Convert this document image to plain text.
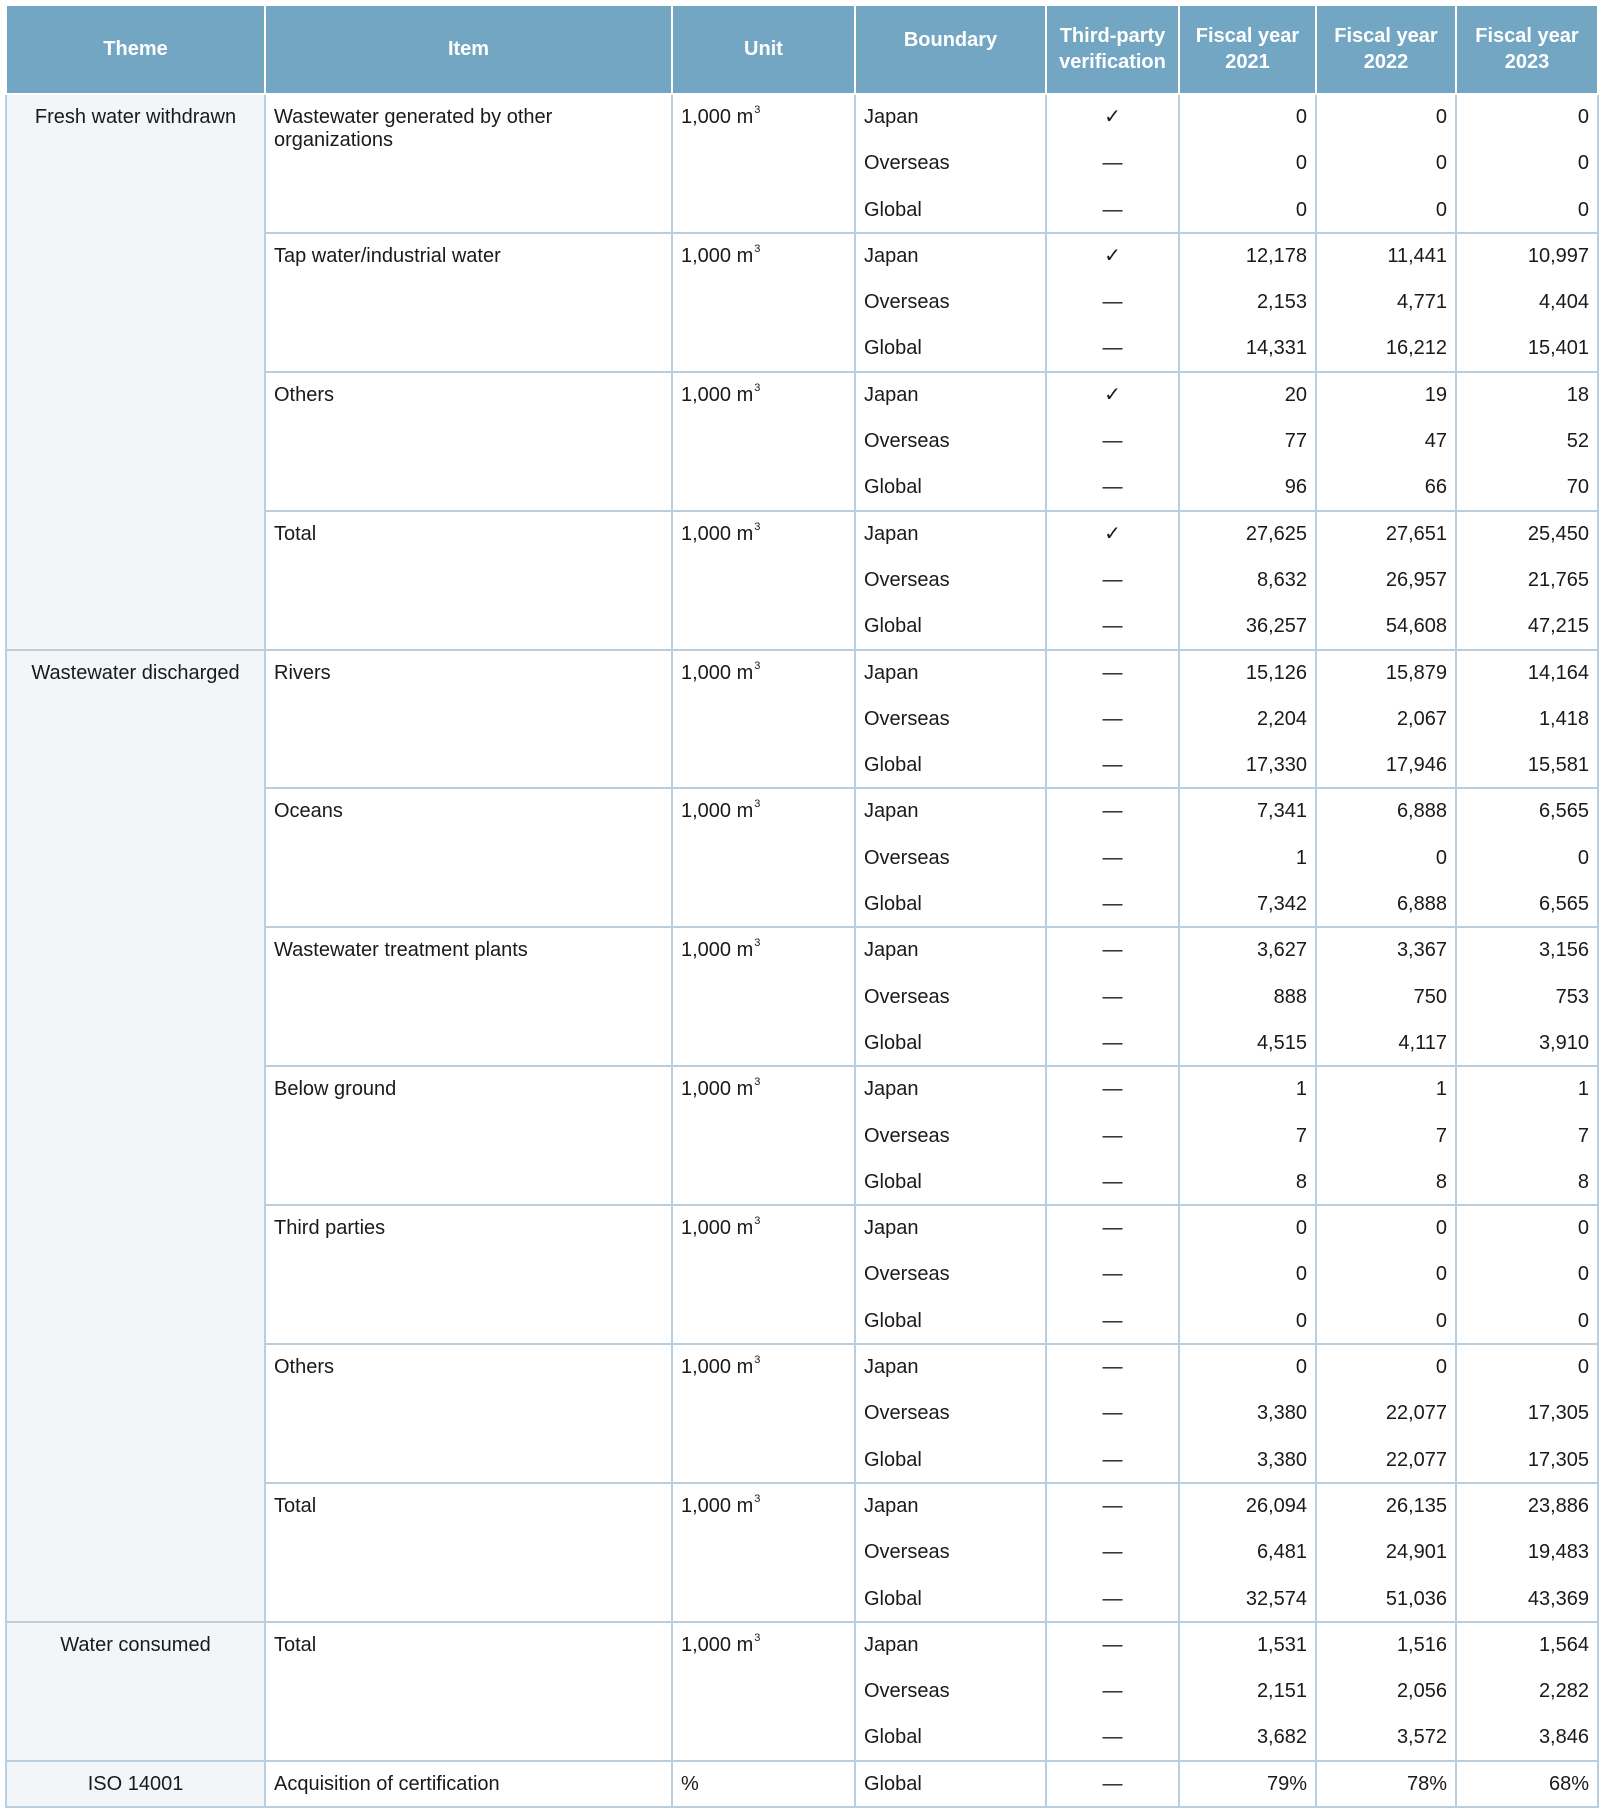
Theme	Item	Unit	Boundary	Third-party verification	Fiscal year 2021	Fiscal year 2022	Fiscal year 2023
Fresh water withdrawn	Wastewater generated by other organizations	1,000 $m^3$	Japan	✓	0	0	0
			Overseas	—	0	0	0
			Global	—	0	0	0
	Tap water/industrial water	1,000 $m^3$	Japan	✓	12,178	11,441	10,997
			Overseas	—	2,153	4,771	4,404
			Global	—	14,331	16,212	15,401
	Others	1,000 $m^3$	Japan	✓	20	19	18
			Overseas	—	77	47	52
			Global	—	96	66	70
	Total	1,000 $m^3$	Japan	✓	27,625	27,651	25,450
			Overseas	—	8,632	26,957	21,765
			Global	—	36,257	54,608	47,215
Wastewater discharged	Rivers	1,000 $m^3$	Japan	—	15,126	15,879	14,164
			Overseas	—	2,204	2,067	1,418
			Global	—	17,330	17,946	15,581
	Oceans	1,000 $m^3$	Japan	—	7,341	6,888	6,565
			Overseas	—	1	0	0
			Global	—	7,342	6,888	6,565
	Wastewater treatment plants	1,000 $m^3$	Japan	—	3,627	3,367	3,156
			Overseas	—	888	750	753
			Global	—	4,515	4,117	3,910
	Below ground	1,000 $m^3$	Japan	—	1	1	1
			Overseas	—	7	7	7
			Global	—	8	8	8
	Third parties	1,000 $m^3$	Japan	—	0	0	0
			Overseas	—	0	0	0
			Global	—	0	0	0
	Others	1,000 $m^3$	Japan	—	0	0	0
			Overseas	—	3,380	22,077	17,305
			Global	—	3,380	22,077	17,305
	Total	1,000 $m^3$	Japan	—	26,094	26,135	23,886
			Overseas	—	6,481	24,901	19,483
			Global	—	32,574	51,036	43,369
Water consumed	Total	1,000 $m^3$	Japan	—	1,531	1,516	1,564
			Overseas	—	2,151	2,056	2,282
			Global	—	3,682	3,572	3,846
ISO 14001	Acquisition of certification	%	Global	—	79%	78%	68%
